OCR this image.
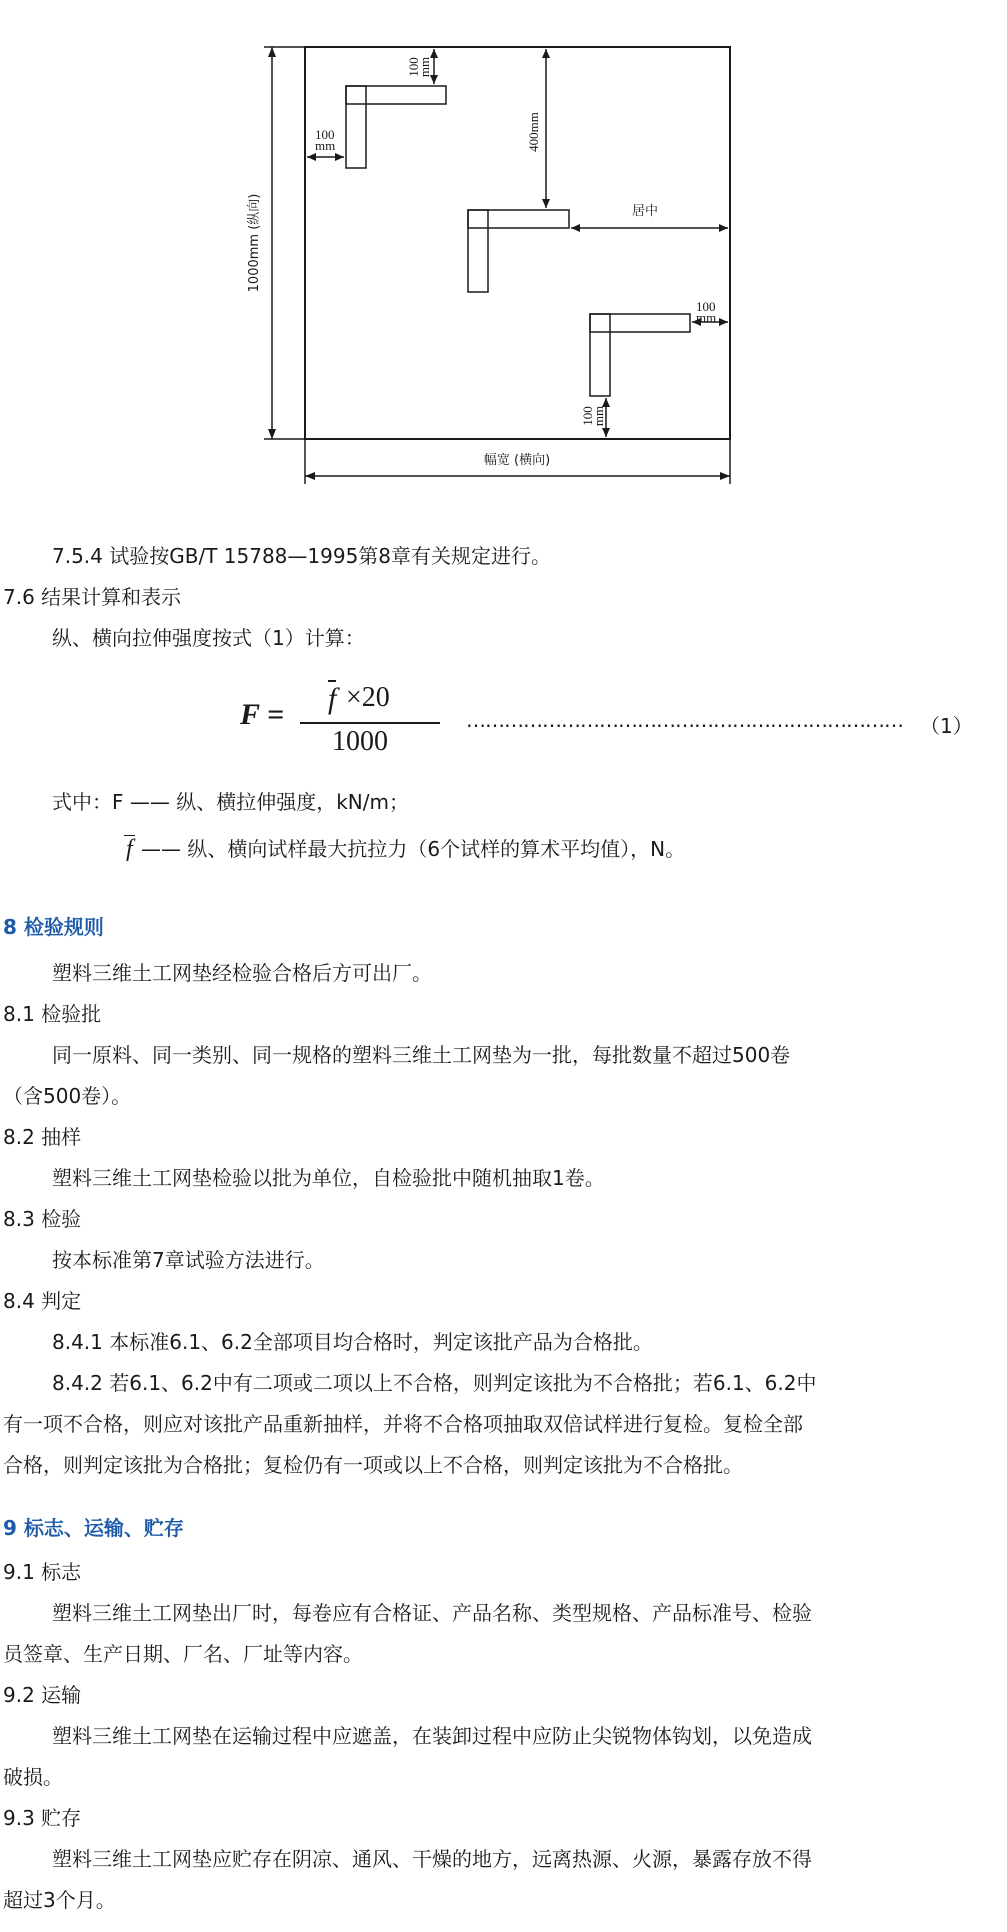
100
mm
100
mm	400mm
居中
100
mm
100
mm
1000mm (纵向)
幅宽 (横向)
7.5.4 试验按GB/T 15788—1995第8章有关规定进行。
7.6 结果计算和表示
纵、横向拉伸强度按式（1）计算：
F = f ×20
1000
…………………………………………………………… （1）
式中：F —— 纵、横拉伸强度，kN/m；
f —— 纵、横向试样最大抗拉力（6个试样的算术平均值），N。
8 检验规则
塑料三维土工网垫经检验合格后方可出厂。
8.1 检验批
同一原料、同一类别、同一规格的塑料三维土工网垫为一批，每批数量不超过500卷
（含500卷）。
8.2 抽样
塑料三维土工网垫检验以批为单位，自检验批中随机抽取1卷。
8.3 检验
按本标准第7章试验方法进行。
8.4 判定
8.4.1 本标准6.1、6.2全部项目均合格时，判定该批产品为合格批。
8.4.2 若6.1、6.2中有二项或二项以上不合格，则判定该批为不合格批；若6.1、6.2中
有一项不合格，则应对该批产品重新抽样，并将不合格项抽取双倍试样进行复检。复检全部
合格，则判定该批为合格批；复检仍有一项或以上不合格，则判定该批为不合格批。
9 标志、运输、贮存
9.1 标志
塑料三维土工网垫出厂时，每卷应有合格证、产品名称、类型规格、产品标准号、检验
员签章、生产日期、厂名、厂址等内容。
9.2 运输
塑料三维土工网垫在运输过程中应遮盖，在装卸过程中应防止尖锐物体钩划，以免造成
破损。
9.3 贮存
塑料三维土工网垫应贮存在阴凉、通风、干燥的地方，远离热源、火源，暴露存放不得
超过3个月。
